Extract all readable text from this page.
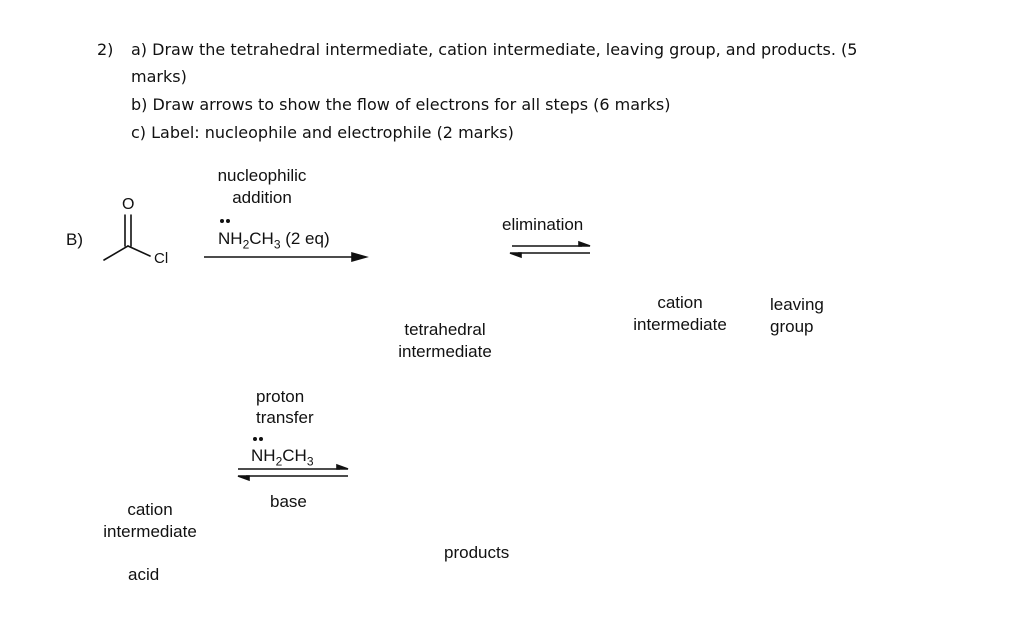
2) a) Draw the tetrahedral intermediate, cation intermediate, leaving group, and products. (5
marks)
b) Draw arrows to show the flow of electrons for all steps (6 marks)
c) Label: nucleophile and electrophile (2 marks)
B)
O
Cl
nucleophilic
addition
$NH_2CH_3$ (2 eq)
elimination
tetrahedral
intermediate
cation
intermediate
leaving
group
proton
transfer
$NH_2CH_3$
base
cation
intermediate
acid
products
